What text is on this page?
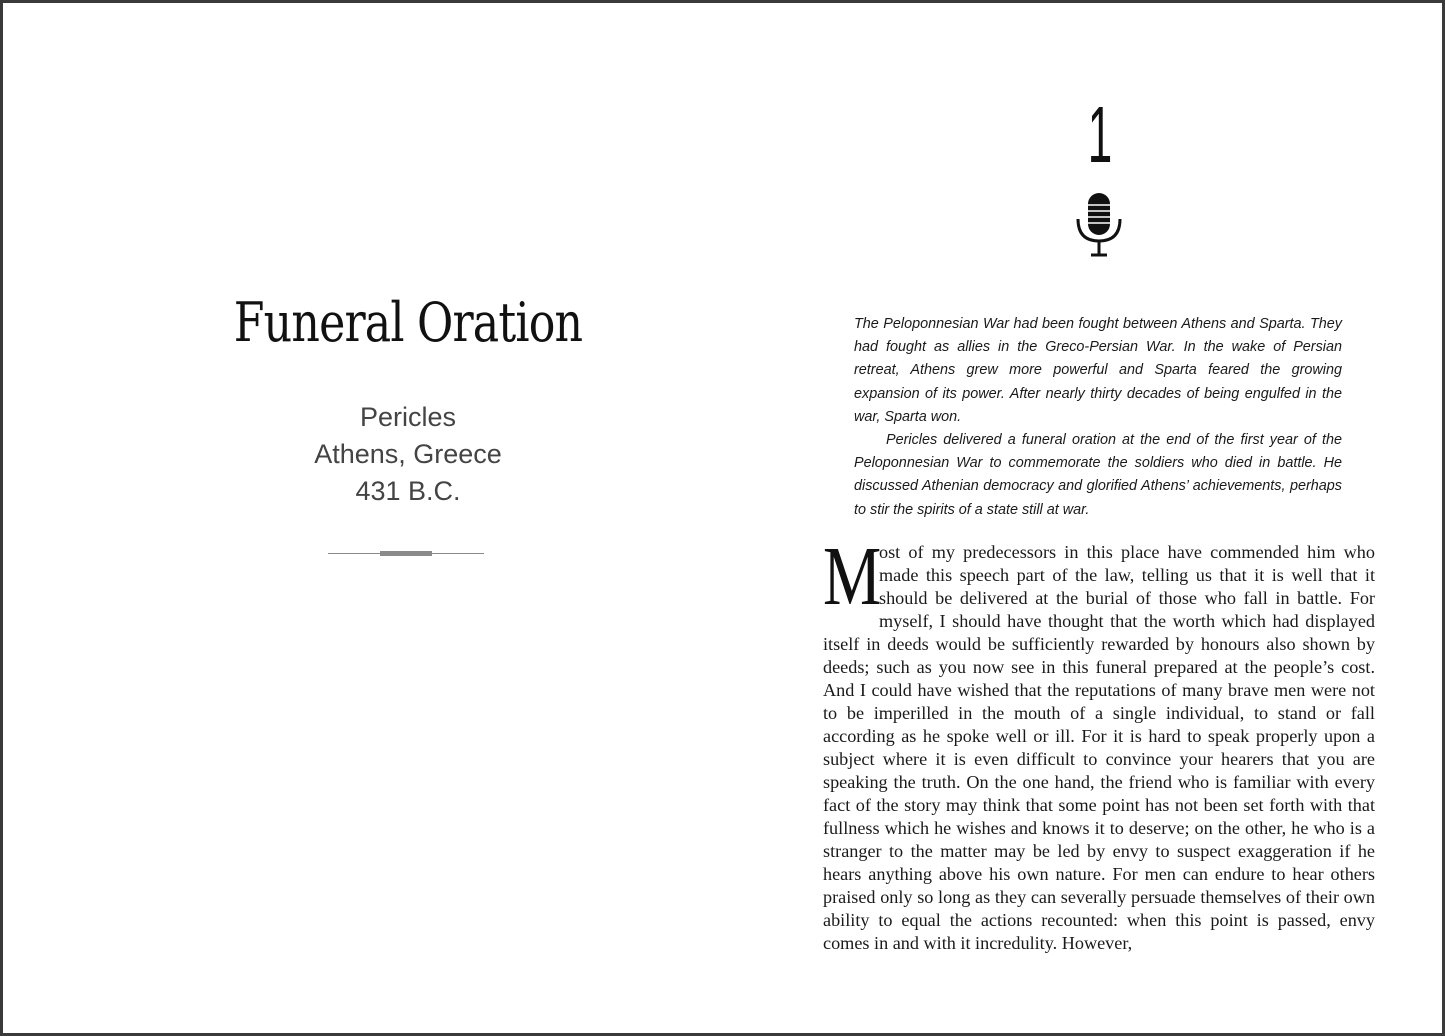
Funeral Oration
Pericles
Athens, Greece
431 B.C.
1

The Peloponnesian War had been fought between Athens and Sparta. They had fought as allies in the Greco-Persian War. In the wake of Persian retreat, Athens grew more powerful and Sparta feared the growing expansion of its power. After nearly thirty decades of being engulfed in the war, Sparta won.

Pericles delivered a funeral oration at the end of the first year of the Peloponnesian War to commemorate the soldiers who died in battle. He discussed Athenian democracy and glorified Athens’ achievements, perhaps to stir the spirits of a state still at war.

M

ost of my predecessors in this place have commended him who made this speech part of the law, telling us that it is well that it should be delivered at the burial of those who fall in battle. For myself, I should have thought that the worth which had displayed itself in deeds would be sufficiently rewarded by honours also shown by deeds; such as you now see in this funeral prepared at the people’s cost. And I could have wished that the reputations of many brave men were not to be imperilled in the mouth of a single individual, to stand or fall according as he spoke well or ill. For it is hard to speak properly upon a subject where it is even difficult to convince your hearers that you are speaking the truth. On the one hand, the friend who is familiar with every fact of the story may think that some point has not been set forth with that fullness which he wishes and knows it to deserve; on the other, he who is a stranger to the matter may be led by envy to suspect exaggeration if he hears anything above his own nature. For men can endure to hear others praised only so long as they can severally persuade themselves of their own ability to equal the actions recounted: when this point is passed, envy comes in and with it incredulity. However,
